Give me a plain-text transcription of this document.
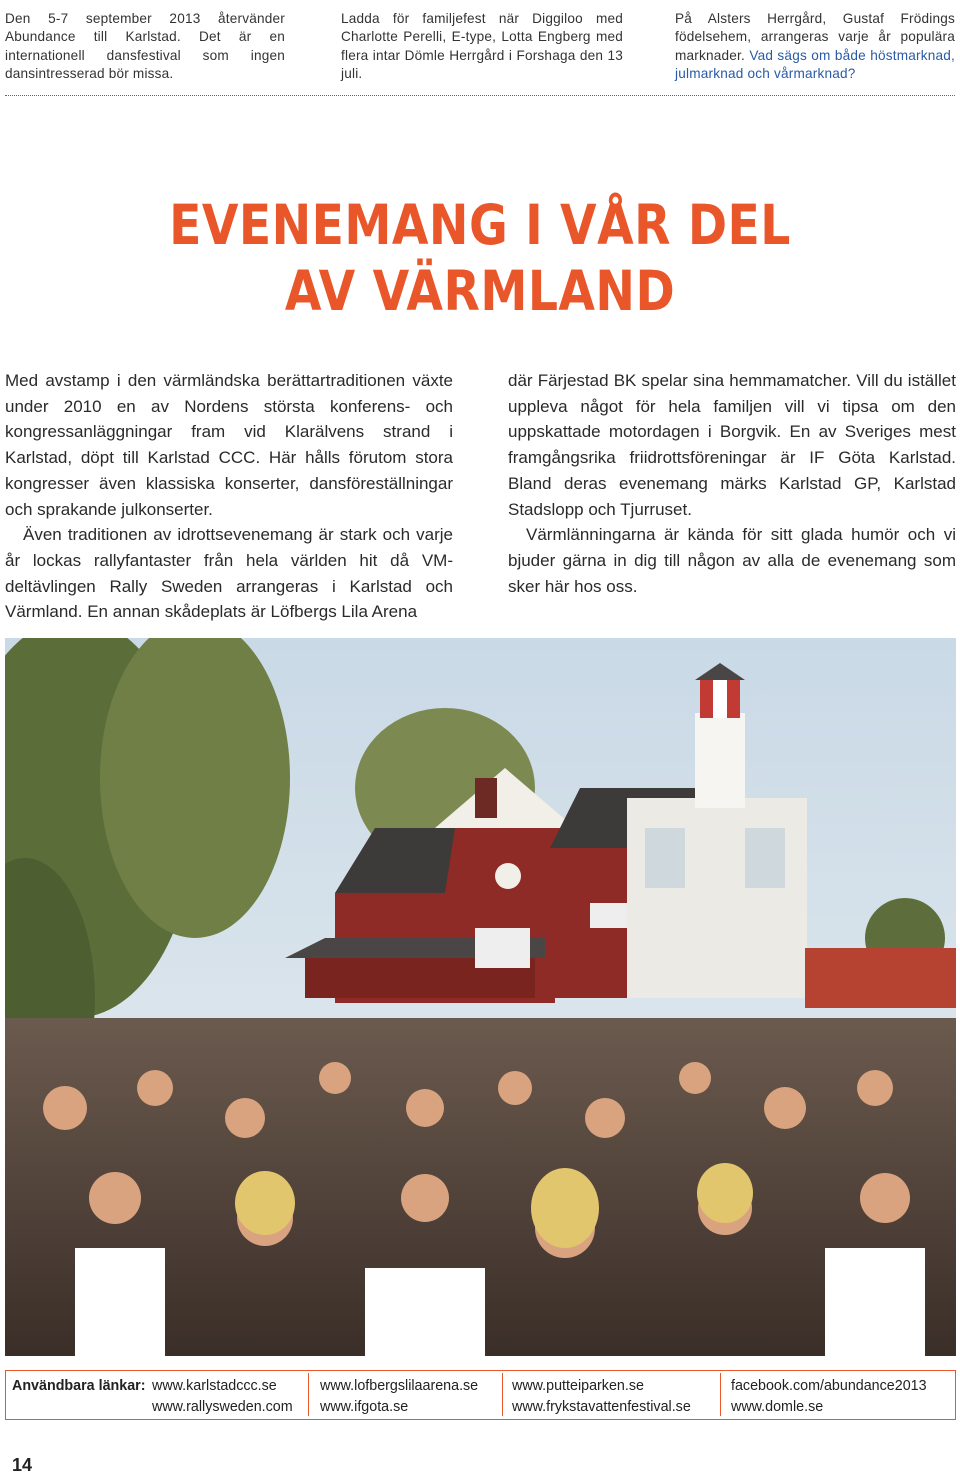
Den 5-7 september 2013 återvänder Abundance till Karlstad. Det är en internationell dansfestival som ingen dansintresserad bör missa.
Ladda för familjefest när Diggiloo med Charlotte Perelli, E-type, Lotta Engberg med flera intar Dömle Herrgård i Forshaga den 13 juli.
På Alsters Herrgård, Gustaf Frödings födelsehem, arrangeras varje år populära marknader. Vad sägs om både höstmarknad, julmarknad och vårmarknad?
EVENEMANG I VÅR DEL
AV VÄRMLAND

Med avstamp i den värmländska berättartraditionen växte under 2010 en av Nordens största konferens- och kongressanläggningar fram vid Klarälvens strand i Karlstad, döpt till Karlstad CCC. Här hålls förutom stora kongresser även klassiska konserter, dansföreställningar och sprakande julkonserter.

Även traditionen av idrottsevenemang är stark och varje år lockas rallyfantaster från hela världen hit då VM-deltävlingen Rally Sweden arrangeras i Karlstad och Värmland. En annan skådeplats är Löfbergs Lila Arena

där Färjestad BK spelar sina hemmamatcher. Vill du istället uppleva något för hela familjen vill vi tipsa om den uppskattade motordagen i Borgvik. En av Sveriges mest framgångsrika friidrottsföreningar är IF Göta Karlstad. Bland deras evenemang märks Karlstad GP, Karlstad Stadslopp och Tjurruset.

Värmlänningarna är kända för sitt glada humör och vi bjuder gärna in dig till någon av alla de evenemang som sker här hos oss.

Användbara länkar: www.karlstadccc.se
www.rallysweden.com
www.lofbergslilaarena.se
www.ifgota.se
www.putteiparken.se
www.frykstavattenfestival.se
facebook.com/abundance2013
www.domle.se
14
